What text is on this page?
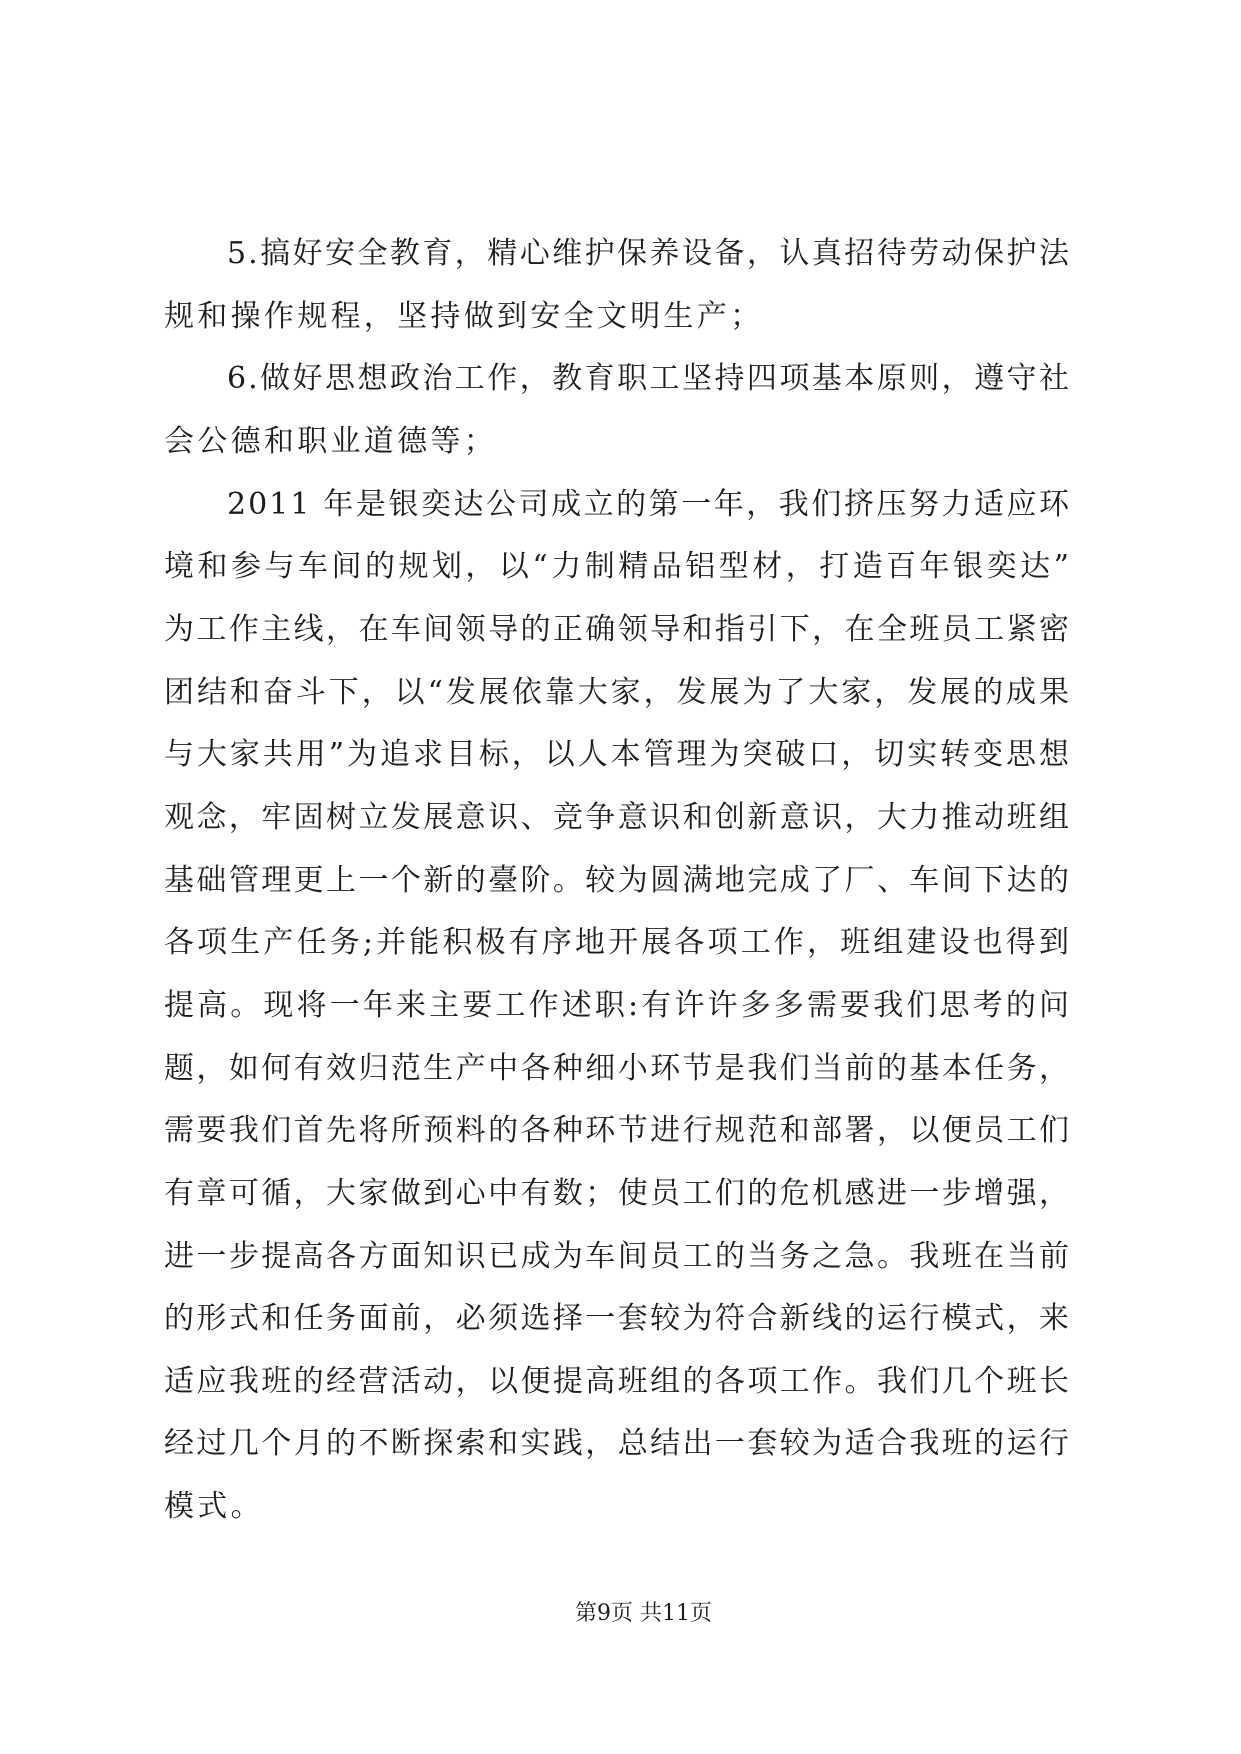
5.搞好安全教育，精心维护保养设备，认真招待劳动保护法
规和操作规程，坚持做到安全文明生产；
6.做好思想政治工作，教育职工坚持四项基本原则，遵守社
会公德和职业道德等；
2011 年是银奕达公司成立的第一年，我们挤压努力适应环
境和参与车间的规划，以“力制精品铝型材，打造百年银奕达”
为工作主线，在车间领导的正确领导和指引下，在全班员工紧密
团结和奋斗下，以“发展依靠大家，发展为了大家，发展的成果
与大家共用”为追求目标，以人本管理为突破口，切实转变思想
观念，牢固树立发展意识、竞争意识和创新意识，大力推动班组
基础管理更上一个新的臺阶。较为圆满地完成了厂、车间下达的
各项生产任务;并能积极有序地开展各项工作，班组建设也得到
提高。现将一年来主要工作述职:有许许多多需要我们思考的问
题，如何有效归范生产中各种细小环节是我们当前的基本任务，
需要我们首先将所预料的各种环节进行规范和部署，以便员工们
有章可循，大家做到心中有数；使员工们的危机感进一步增强，
进一步提高各方面知识已成为车间员工的当务之急。我班在当前
的形式和任务面前，必须选择一套较为符合新线的运行模式，来
适应我班的经营活动，以便提高班组的各项工作。我们几个班长
经过几个月的不断探索和实践，总结出一套较为适合我班的运行
模式。
第9页 共11页
